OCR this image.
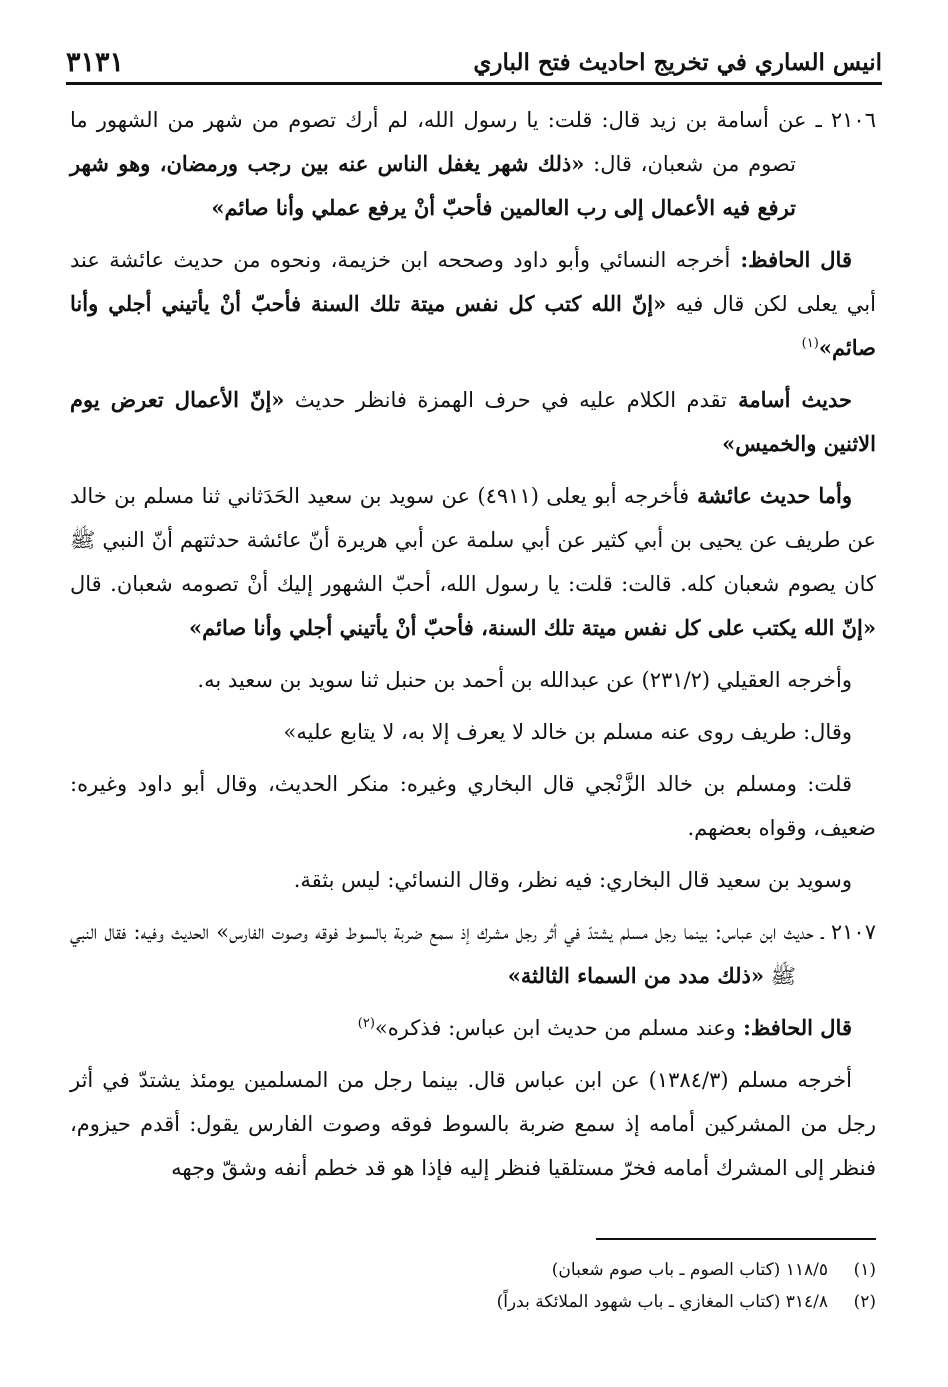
انيس الساري في تخريج احاديث فتح الباري
٣١٣١

٢١٠٦ ـ عن أسامة بن زيد قال: قلت: يا رسول الله، لم أرك تصوم من شهر من الشهور ما تصوم من شعبان، قال: «ذلك شهر يغفل الناس عنه بين رجب ورمضان، وهو شهر ترفع فيه الأعمال إلى رب العالمين فأحبّ أنْ يرفع عملي وأنا صائم»

قال الحافظ: أخرجه النسائي وأبو داود وصححه ابن خزيمة، ونحوه من حديث عائشة عند أبي يعلى لكن قال فيه «إنّ الله كتب كل نفس ميتة تلك السنة فأحبّ أنْ يأتيني أجلي وأنا صائم»$^{(١)}$

حديث أسامة تقدم الكلام عليه في حرف الهمزة فانظر حديث «إنّ الأعمال تعرض يوم الاثنين والخميس»

وأما حديث عائشة فأخرجه أبو يعلى (٤٩١١) عن سويد بن سعيد الحَدَثاني ثنا مسلم بن خالد عن طريف عن يحيى بن أبي كثير عن أبي سلمة عن أبي هريرة أنّ عائشة حدثتهم أنّ النبي ﷺ كان يصوم شعبان كله. قالت: قلت: يا رسول الله، أحبّ الشهور إليك أنْ تصومه شعبان. قال «إنّ الله يكتب على كل نفس ميتة تلك السنة، فأحبّ أنْ يأتيني أجلي وأنا صائم»

وأخرجه العقيلي (٢٣١/٢) عن عبدالله بن أحمد بن حنبل ثنا سويد بن سعيد به.

وقال: طريف روى عنه مسلم بن خالد لا يعرف إلا به، لا يتابع عليه»

قلت: ومسلم بن خالد الزَّنْجي قال البخاري وغيره: منكر الحديث، وقال أبو داود وغيره: ضعيف، وقواه بعضهم.

وسويد بن سعيد قال البخاري: فيه نظر، وقال النسائي: ليس بثقة.

٢١٠٧ ـ حديث ابن عباس: بينما رجل مسلم يشتدّ في أثر رجل مشرك إذ سمع ضربة بالسوط فوقه وصوت الفارس» الحديث وفيه: فقال النبي ﷺ «ذلك مدد من السماء الثالثة»

قال الحافظ: وعند مسلم من حديث ابن عباس: فذكره»$^{(٢)}$

أخرجه مسلم (١٣٨٤/٣) عن ابن عباس قال. بينما رجل من المسلمين يومئذ يشتدّ في أثر رجل من المشركين أمامه إذ سمع ضربة بالسوط فوقه وصوت الفارس يقول: أقدم حيزوم، فنظر إلى المشرك أمامه فخرّ مستلقيا فنظر إليه فإذا هو قد خطم أنفه وشقّ وجهه

(١)١١٨/٥ (كتاب الصوم ـ باب صوم شعبان)
(٢)٣١٤/٨ (كتاب المغازي ـ باب شهود الملائكة بدراً)
